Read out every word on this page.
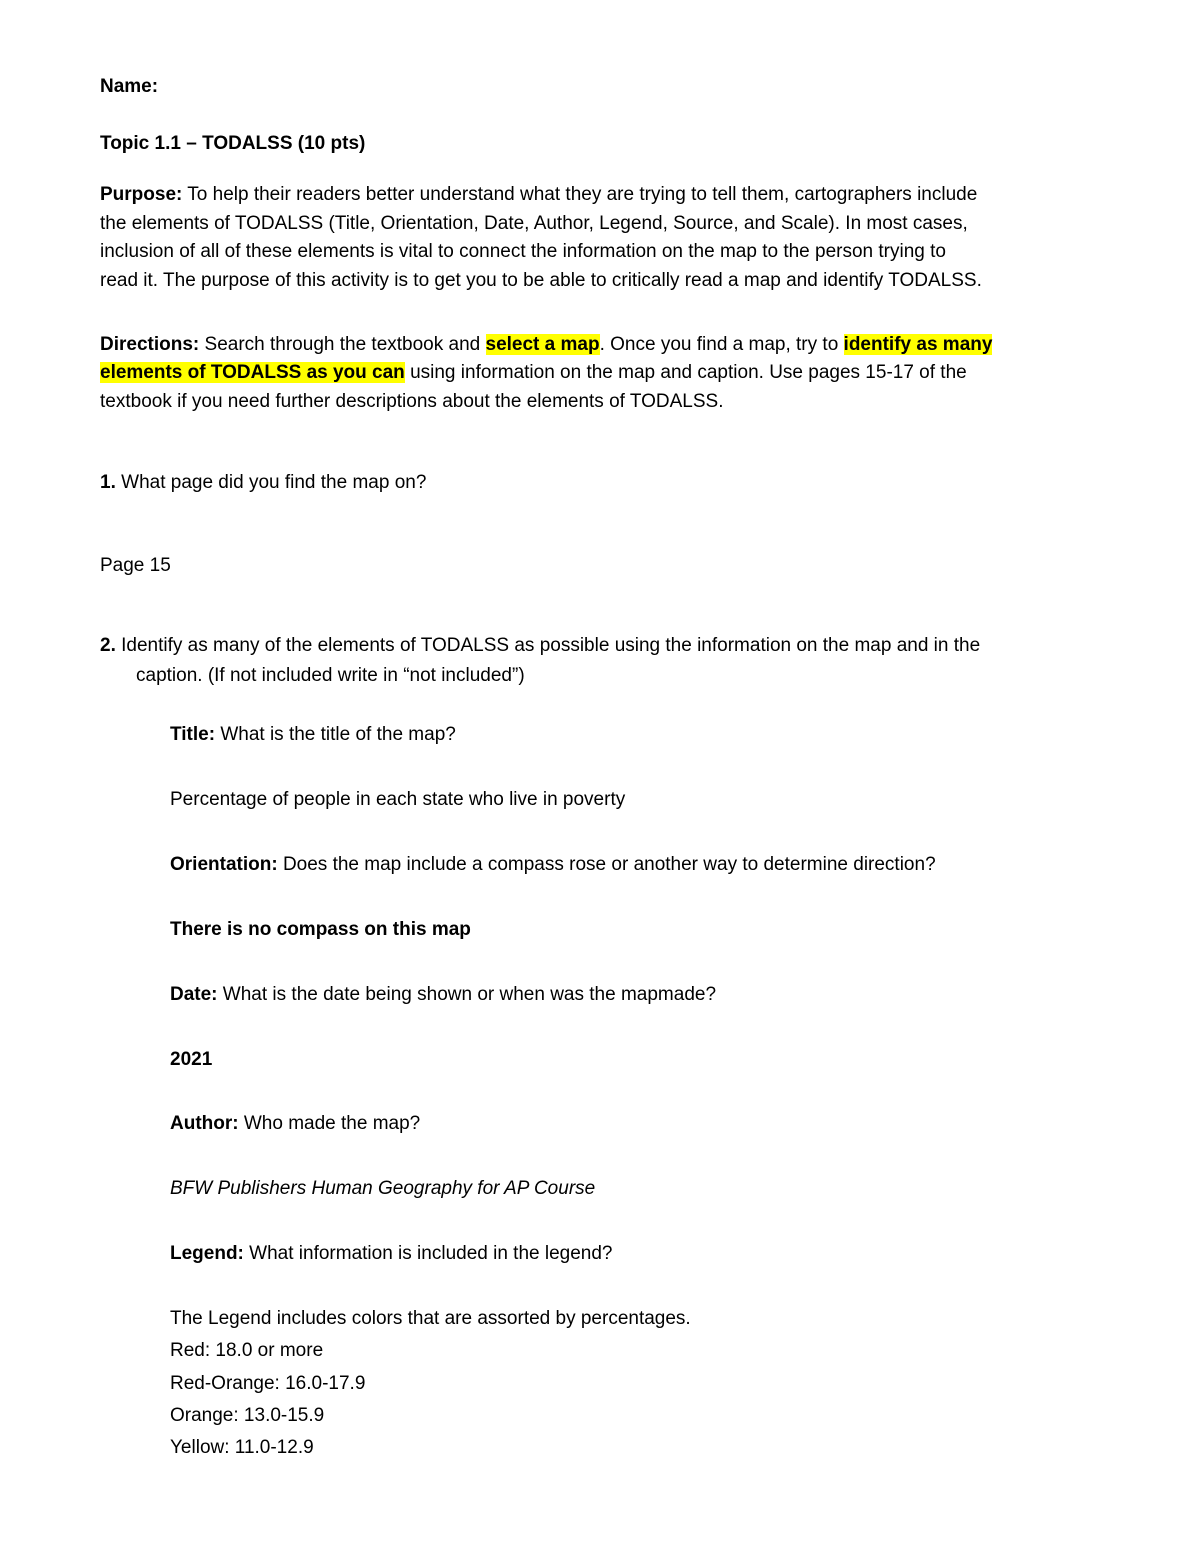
Name:
Topic 1.1 – TODALSS (10 pts)
Purpose: To help their readers better understand what they are trying to tell them, cartographers include
the elements of TODALSS (Title, Orientation, Date, Author, Legend, Source, and Scale). In most cases,
inclusion of all of these elements is vital to connect the information on the map to the person trying to
read it. The purpose of this activity is to get you to be able to critically read a map and identify TODALSS.
Directions: Search through the textbook and select a map. Once you find a map, try to identify as many
elements of TODALSS as you can using information on the map and caption. Use pages 15-17 of the
textbook if you need further descriptions about the elements of TODALSS.
1. What page did you find the map on?
Page 15
2. Identify as many of the elements of TODALSS as possible using the information on the map and in the
caption. (If not included write in “not included”)
Title: What is the title of the map?
Percentage of people in each state who live in poverty
Orientation: Does the map include a compass rose or another way to determine direction?
There is no compass on this map
Date: What is the date being shown or when was the mapmade?
2021
Author: Who made the map?
BFW Publishers Human Geography for AP Course
Legend: What information is included in the legend?
The Legend includes colors that are assorted by percentages.
Red: 18.0 or more
Red-Orange: 16.0-17.9
Orange: 13.0-15.9
Yellow: 11.0-12.9
